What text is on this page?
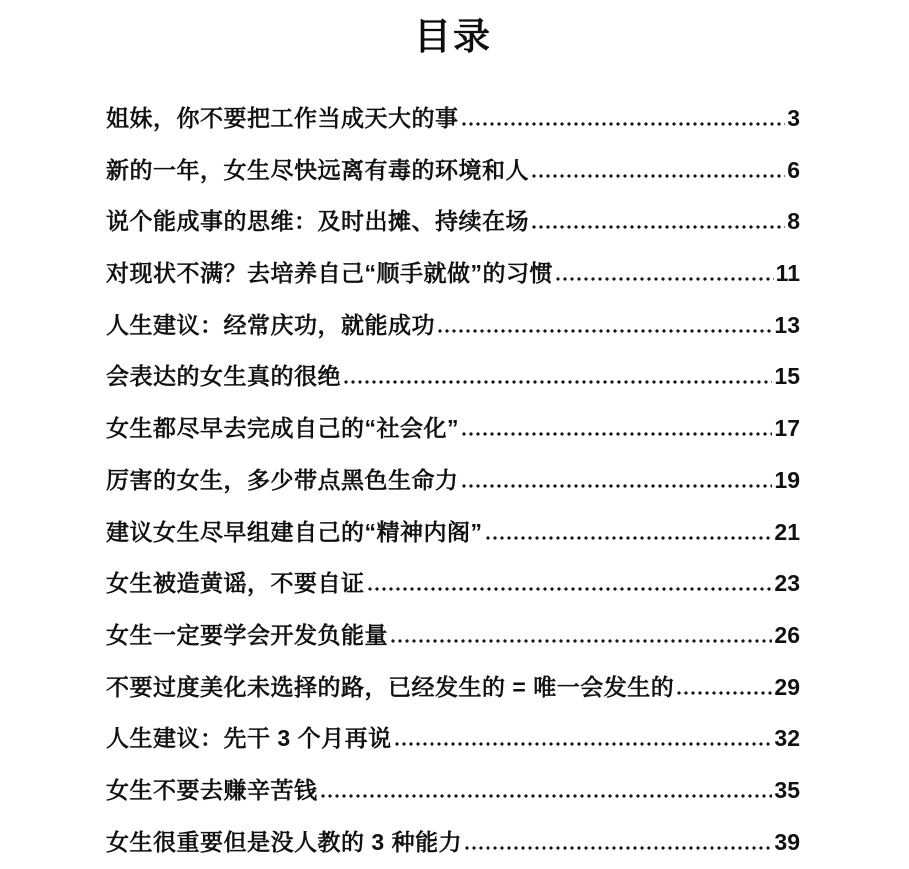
目录
姐妹，你不要把工作当成天大的事	3
新的一年，女生尽快远离有毒的环境和人	6
说个能成事的思维：及时出摊、持续在场	8
对现状不满？去培养自己“顺手就做”的习惯	11
人生建议：经常庆功，就能成功	13
会表达的女生真的很绝	15
女生都尽早去完成自己的“社会化”	17
厉害的女生，多少带点黑色生命力	19
建议女生尽早组建自己的“精神内阁”	21
女生被造黄谣，不要自证	23
女生一定要学会开发负能量	26
不要过度美化未选择的路，已经发生的 = 唯一会发生的	29
人生建议：先干 3 个月再说	32
女生不要去赚辛苦钱	35
女生很重要但是没人教的 3 种能力	39
